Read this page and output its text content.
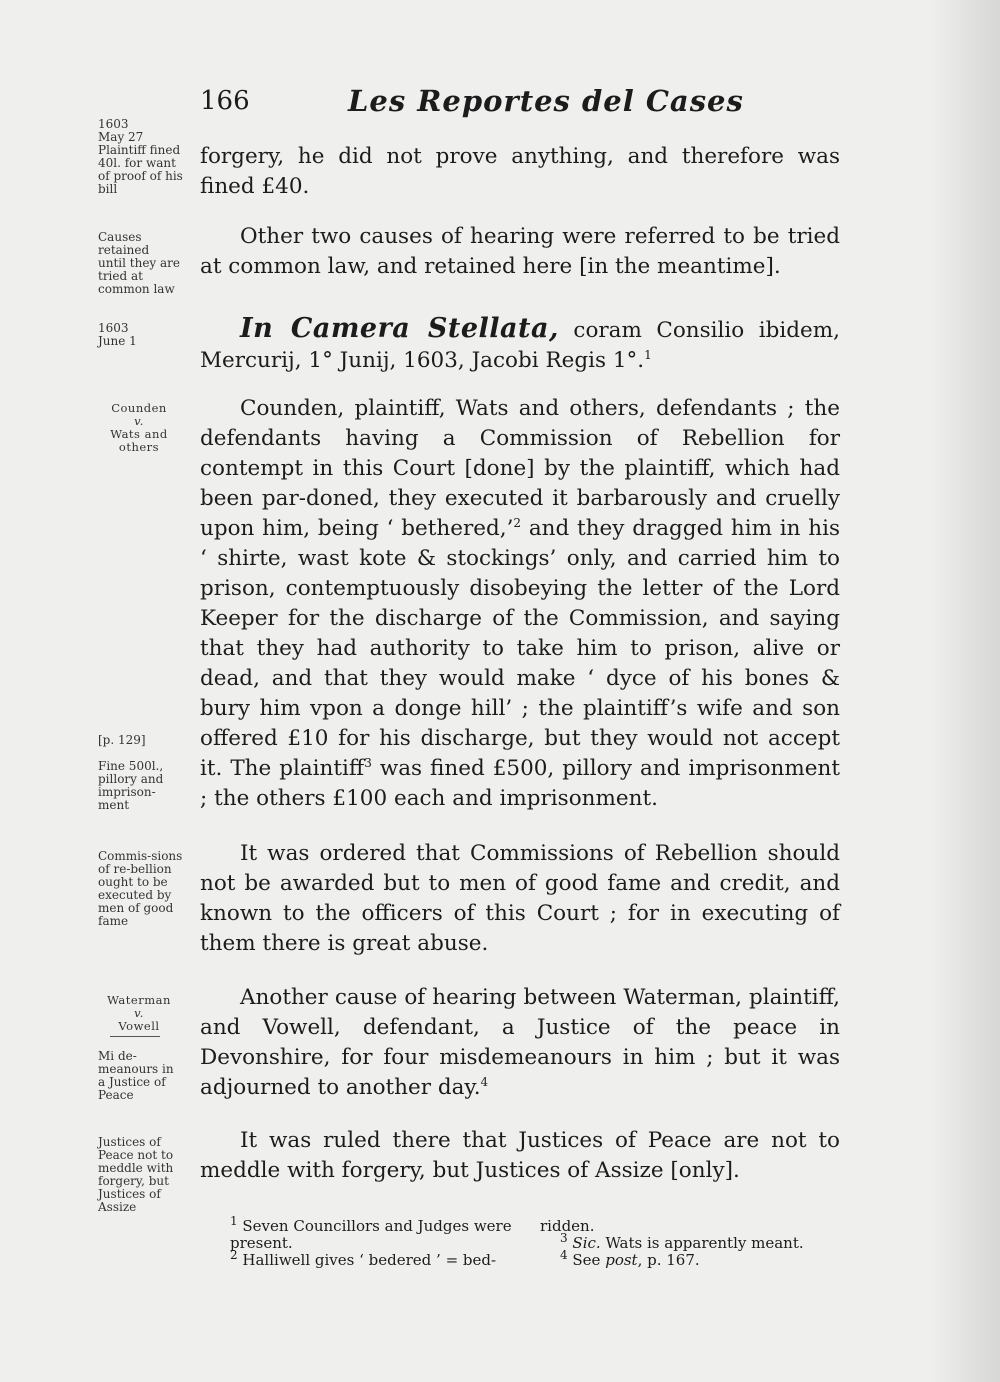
166	Les Reportes del Cases
1603
May 27
Plaintiff fined 40l. for want of proof of his bill
Causes retained until they are tried at common law
1603
June 1
Counden
v.
Wats and others
[p. 129]
Fine 500l., pillory and imprison-ment
Commis-sions of re-bellion ought to be executed by men of good fame
Waterman
v.
Vowell
Mi de-meanours in a Justice of Peace
Justices of Peace not to meddle with forgery, but Justices of Assize
forgery, he did not prove anything, and therefore was fined £40.
Other two causes of hearing were referred to be tried at common law, and retained here [in the meantime].
In Camera Stellata, coram Consilio ibidem, Mercurij, 1° Junij, 1603, Jacobi Regis 1°.$^1$
Counden, plaintiff, Wats and others, defendants ; the defendants having a Commission of Rebellion for contempt in this Court [done] by the plaintiff, which had been par-doned, they executed it barbarously and cruelly upon him, being ‘ bethered,’$^2$ and they dragged him in his ‘ shirte, wast kote & stockings’ only, and carried him to prison, contemptuously disobeying the letter of the Lord Keeper for the discharge of the Commission, and saying that they had authority to take him to prison, alive or dead, and that they would make ‘ dyce of his bones & bury him vpon a donge hill’ ; the plaintiff’s wife and son offered £10 for his discharge, but they would not accept it. The plaintiff$^3$ was fined £500, pillory and imprisonment ; the others £100 each and imprisonment.
It was ordered that Commissions of Rebellion should not be awarded but to men of good fame and credit, and known to the officers of this Court ; for in executing of them there is great abuse.
Another cause of hearing between Waterman, plaintiff, and Vowell, defendant, a Justice of the peace in Devonshire, for four misdemeanours in him ; but it was adjourned to another day.$^4$
It was ruled there that Justices of Peace are not to meddle with forgery, but Justices of Assize [only].
$^1$ Seven Councillors and Judges were present.
$^2$ Halliwell gives ‘ bedered ’ = bed-
ridden.
$^3$ Sic. Wats is apparently meant.
$^4$ See post, p. 167.
